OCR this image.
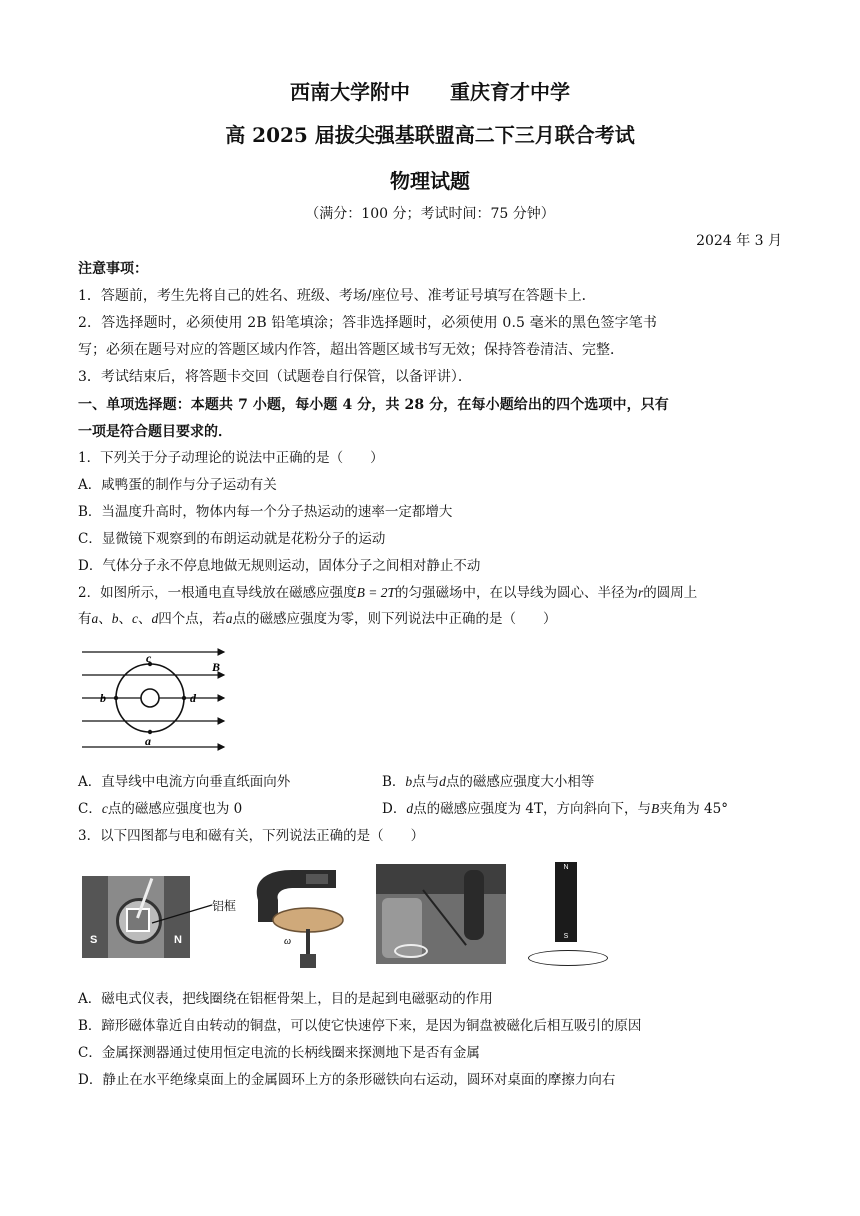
西南大学附中　　重庆育才中学
高 2025 届拔尖强基联盟高二下三月联合考试
物理试题
（满分：100 分；考试时间：75 分钟）
2024 年 3 月
注意事项：
1．答题前，考生先将自己的姓名、班级、考场/座位号、准考证号填写在答题卡上．
2．答选择题时，必须使用 2B 铅笔填涂；答非选择题时，必须使用 0.5 毫米的黑色签字笔书
写；必须在题号对应的答题区域内作答，超出答题区域书写无效；保持答卷清洁、完整．
3．考试结束后，将答题卡交回（试题卷自行保管，以备评讲）．
一、单项选择题：本题共 7 小题，每小题 4 分，共 28 分，在每小题给出的四个选项中，只有
一项是符合题目要求的．
1．下列关于分子动理论的说法中正确的是（　　）
A．咸鸭蛋的制作与分子运动有关
B．当温度升高时，物体内每一个分子热运动的速率一定都增大
C．显微镜下观察到的布朗运动就是花粉分子的运动
D．气体分子永不停息地做无规则运动，固体分子之间相对静止不动
2．如图所示，一根通电直导线放在磁感应强度B = 2T的匀强磁场中，在以导线为圆心、半径为r的圆周上
有a、b、c、d四个点，若a点的磁感应强度为零，则下列说法中正确的是（　　）
c
b	d
a
B
A．直导线中电流方向垂直纸面向外	B．b点与d点的磁感应强度大小相等
C．c点的磁感应强度也为 0	D．d点的磁感应强度为 4T，方向斜向下，与B夹角为 45°
3．以下四图都与电和磁有关，下列说法正确的是（　　）
S	N
铝框
ω
N
S
A．磁电式仪表，把线圈绕在铝框骨架上，目的是起到电磁驱动的作用
B．蹄形磁体靠近自由转动的铜盘，可以使它快速停下来，是因为铜盘被磁化后相互吸引的原因
C．金属探测器通过使用恒定电流的长柄线圈来探测地下是否有金属
D．静止在水平绝缘桌面上的金属圆环上方的条形磁铁向右运动，圆环对桌面的摩擦力向右
